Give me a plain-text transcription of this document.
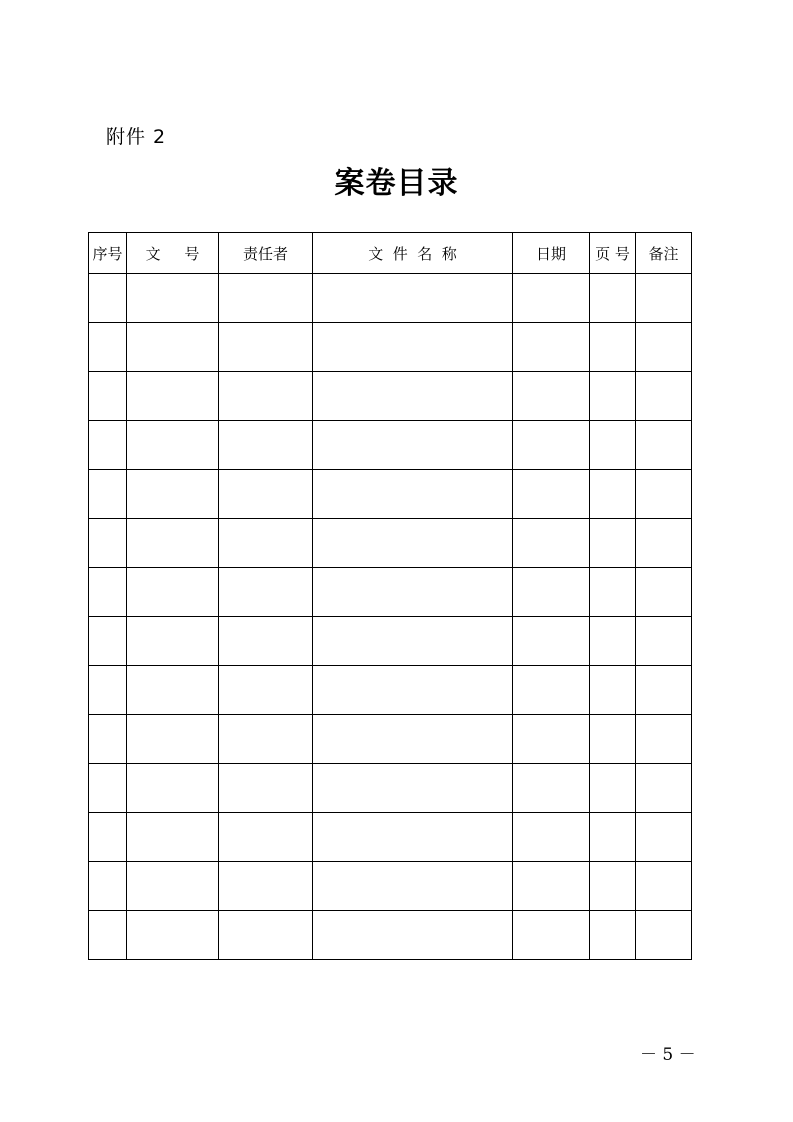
附件 2
案卷目录
序号	文     号	责任者	文  件  名  称	日期	页 号	备注

－ 5 －
